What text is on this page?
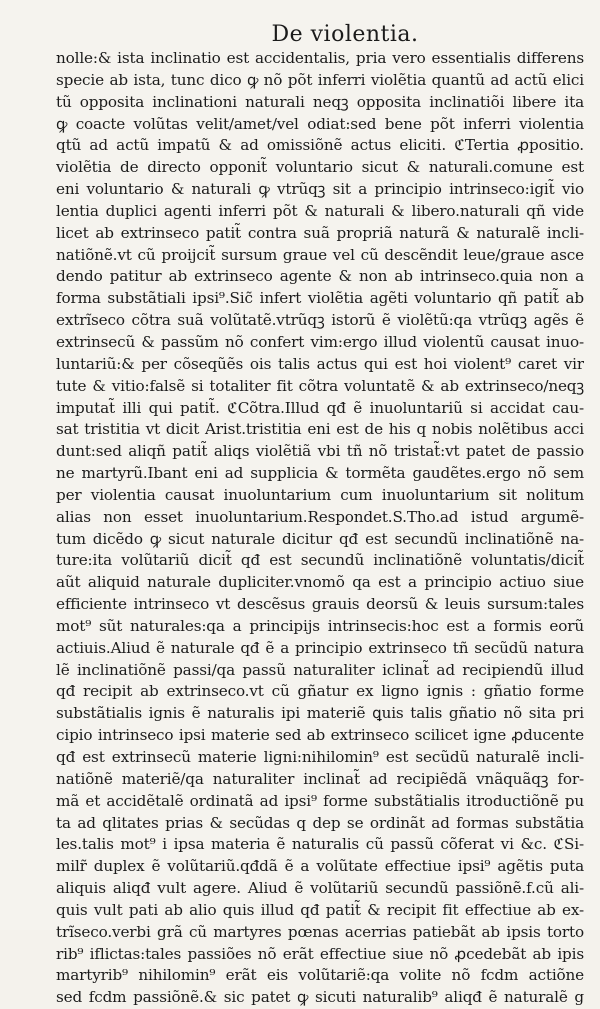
De violentia.
nolle:& ista inclinatio est accidentalis, pria vero essentialis differens
specie ab ista, tunc dico ꝙ nõ põt inferri violẽtia quantũ ad actũ elici
tũ opposita inclinationi naturali neqꝫ opposita inclinatiõi libere ita
ꝙ coacte volũtas velit/amet/vel odiat:sed bene põt inferri violentia
qtũ ad actũ impatũ & ad omissiõnẽ actus eliciti. ℭTertia ꝓpositio.
violẽtia de directo opponit̃ voluntario sicut & naturali.comune est
eni voluntario & naturali ꝙ vtrũqꝫ sit a principio intrinseco:igit̃ vio
lentia duplici agenti inferri põt & naturali & libero.naturali qñ vide
licet ab extrinseco patit̃ contra suã propriã naturã & naturalẽ incli-
natiõnẽ.vt cũ proijcit̃ sursum graue vel cũ descẽndit leue/graue asce
dendo patitur ab extrinseco agente & non ab intrinseco.quia non a
forma substãtiali ipsi⁹.Sic̃ infert violẽtia agẽti voluntario qñ patit̃ ab
extrĩseco cõtra suã volũtatẽ.vtrũqꝫ istorũ ẽ violẽtũ:qa vtrũqꝫ agẽs ẽ
extrinsecũ & passũm nõ confert vim:ergo illud violentũ causat inuo-
luntariũ:& per cõseqũẽs ois talis actus qui est hoi violent⁹ caret vir
tute & vitio:falsẽ si totaliter fit cõtra voluntatẽ & ab extrinseco/neqꝫ
imputat̃ illi qui patit̃. ℭCõtra.Illud qđ ẽ inuoluntariũ si accidat cau-
sat tristitia vt dicit Arist.tristitia eni est de his q nobis nolẽtibus acci
dunt:sed aliqñ patit̃ aliqs violẽtiã vbi tñ nõ tristat̃:vt patet de passio
ne martyrũ.Ibant eni ad supplicia & tormẽta gaudẽtes.ergo nõ sem
per violentia causat inuoluntarium cum inuoluntarium sit nolitum
alias non esset inuoluntarium.Respondet.S.Tho.ad istud argumẽ-
tum dicẽdo ꝙ sicut naturale dicitur qđ est secundũ inclinatiõnẽ na-
ture:ita volũtariũ dicit̃ qđ est secundũ inclinatiõnẽ voluntatis/dicit̃
aũt aliquid naturale dupliciter.vnomõ qa est a principio actiuo siue
efficiente intrinseco vt descẽsus grauis deorsũ & leuis sursum:tales
mot⁹ sũt naturales:qa a principijs intrinsecis:hoc est a formis eorũ
actiuis.Aliud ẽ naturale qđ ẽ a principio extrinseco tñ secũdũ natura
lẽ inclinatiõnẽ passi/qa passũ naturaliter iclinat̃ ad recipiendũ illud
qđ recipit ab extrinseco.vt cũ gñatur ex ligno ignis : gñatio forme
substãtialis ignis ẽ naturalis ipi materiẽ ꝗuis talis gñatio nõ sita pri
cipio intrinseco ipsi materie sed ab extrinseco scilicet igne ꝓducente
qđ est extrinsecũ materie ligni:nihilomin⁹ est secũdũ naturalẽ incli-
natiõnẽ materiẽ/qa naturaliter inclinat̃ ad recipiẽdã vnãquãqꝫ for-
mã et accidẽtalẽ ordinatã ad ipsi⁹ forme substãtialis itroductiõnẽ pu
ta ad qlitates prias & secũdas q dep se ordinãt ad formas substãtia
les.talis mot⁹ i ipsa materia ẽ naturalis cũ passũ cõferat vi &c. ℭSi-
milr̃ duplex ẽ volũtariũ.qđdã ẽ a volũtate effectiue ipsi⁹ agẽtis puta
aliquis aliqđ vult agere. Aliud ẽ volũtariũ secundũ passiõnẽ.f.cũ ali-
quis vult pati ab alio quis illud qđ patit̃ & recipit fit effectiue ab ex-
trĩseco.verbi grã cũ martyres pœnas acerrias patiebãt ab ipsis torto
rib⁹ iflictas:tales passiões nõ erãt effectiue siue nõ ꝓcedebãt ab ipis
martyrib⁹ nihilomin⁹ erãt eis volũtariẽ:qa volite nõ fcdm actiõne
sed fcdm passiõnẽ.& sic patet ꝙ sicuti naturalib⁹ aliqđ ẽ naturalẽ g
